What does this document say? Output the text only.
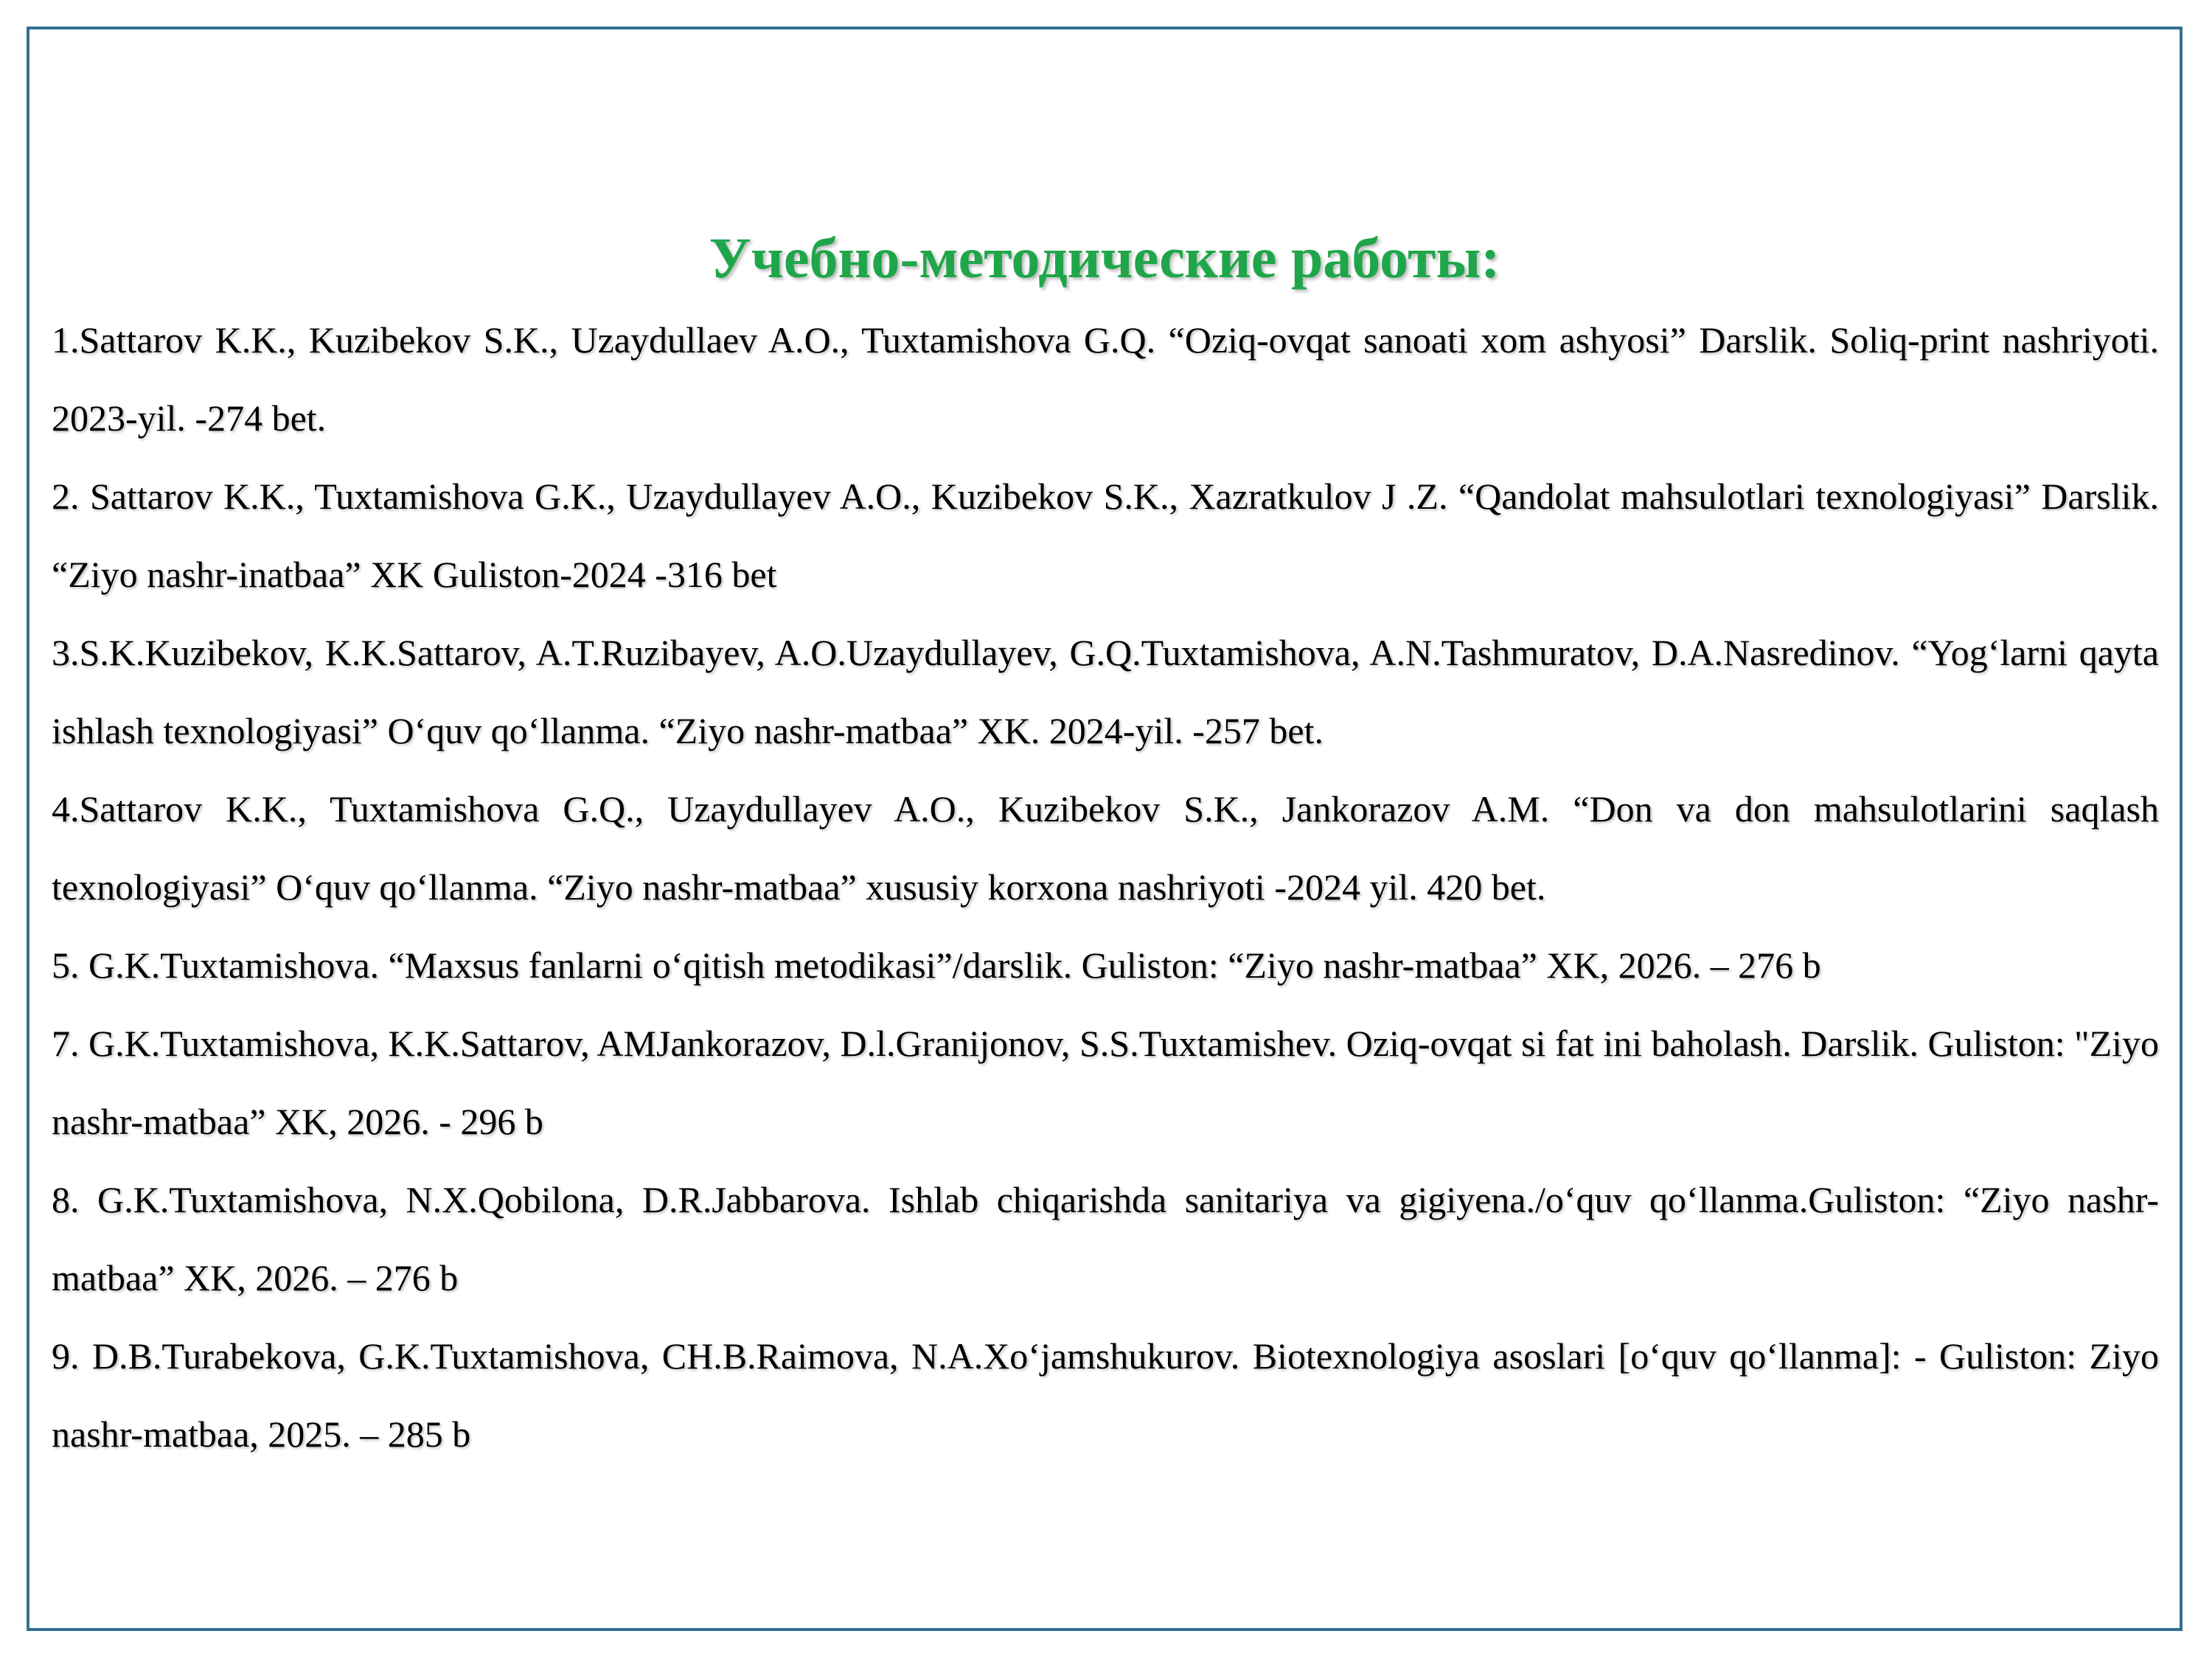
Учебно-методические работы:
1.Sattarov K.K., Kuzibekov S.K., Uzaydullaev A.O., Tuxtamishova G.Q. “Oziq-ovqat sanoati xom ashyosi” Darslik. Soliq-print nashriyoti. 2023-yil. -274 bet.
2. Sattarov K.K., Tuxtamishova G.K., Uzaydullayev A.O., Kuzibekov S.K., Xazratkulov J .Z. “Qandolat mahsulotlari texnologiyasi” Darslik. “Ziyo nashr-inatbaa” XK Guliston-2024 -316 bet
3.S.K.Kuzibekov, K.K.Sattarov, A.T.Ruzibayev, A.O.Uzaydullayev, G.Q.Tuxtamishova, A.N.Tashmuratov, D.A.Nasredinov. “Yog‘larni qayta ishlash texnologiyasi” O‘quv qo‘llanma. “Ziyo nashr-matbaa” XK. 2024-yil. -257 bet.
4.Sattarov K.K., Tuxtamishova G.Q., Uzaydullayev A.O., Kuzibekov S.K., Jankorazov A.M. “Don va don mahsulotlarini saqlash texnologiyasi” O‘quv qo‘llanma. “Ziyo nashr-matbaa” xususiy korxona nashriyoti -2024 yil. 420 bet.
5. G.K.Tuxtamishova. “Maxsus fanlarni o‘qitish metodikasi”/darslik. Guliston: “Ziyo nashr-matbaa” XK, 2026. – 276 b
7. G.K.Tuxtamishova, K.K.Sattarov, AMJankorazov, D.l.Granijonov, S.S.Tuxtamishev. Oziq-ovqat si fat ini baholash. Darslik. Guliston: "Ziyo nashr-matbaa” XK, 2026. - 296 b
8. G.K.Tuxtamishova, N.X.Qobilona, D.R.Jabbarova. Ishlab chiqarishda sanitariya va gigiyena./o‘quv qo‘llanma.Guliston: “Ziyo nashr-matbaa” XK, 2026. – 276 b
9. D.B.Turabekova, G.K.Tuxtamishova, CH.B.Raimova, N.A.Xo‘jamshukurov. Biotexnologiya asoslari [o‘quv qo‘llanma]: - Guliston: Ziyo nashr-matbaa, 2025. – 285 b
